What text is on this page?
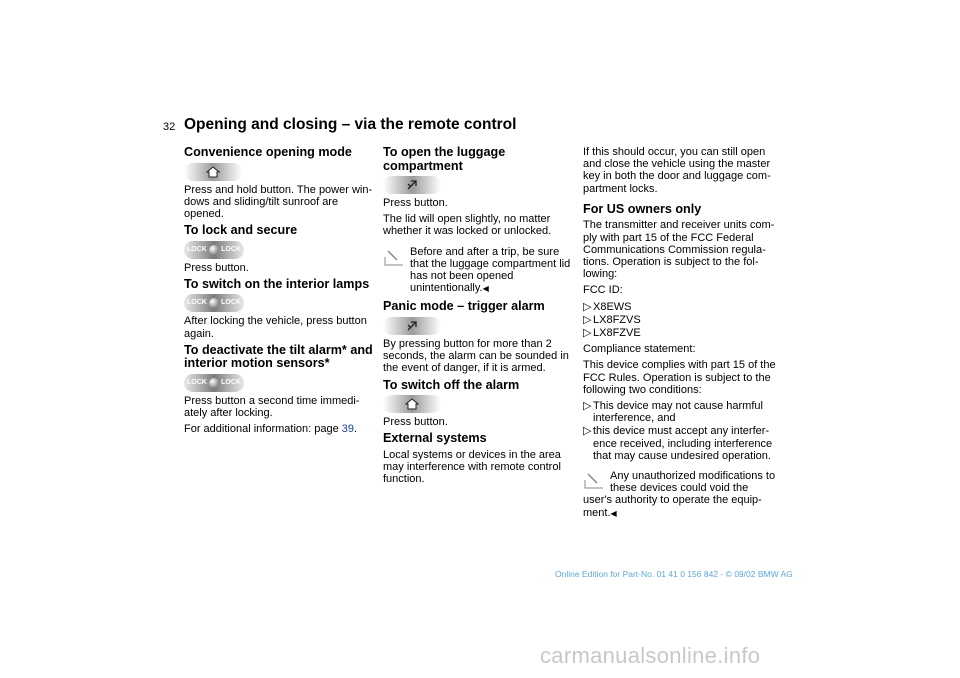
32 Opening and closing – via the remote control
Convenience opening mode

Press and hold button. The power win-dows and sliding/tilt sunroof are opened.

To lock and secure
LOCK LOCK

Press button.

To switch on the interior lamps
LOCK LOCK

After locking the vehicle, press button again.

To deactivate the tilt alarm* and interior motion sensors*
LOCK LOCK

Press button a second time immedi-ately after locking.

For additional information: page 39.

To open the luggage compartment

Press button.

The lid will open slightly, no matter whether it was locked or unlocked.

Before and after a trip, be sure that the luggage compartment lid has not been opened unintentionally.◀
Panic mode – trigger alarm

By pressing button for more than 2 seconds, the alarm can be sounded in the event of danger, if it is armed.

To switch off the alarm

Press button.

External systems

Local systems or devices in the area may interference with remote control function.

If this should occur, you can still open and close the vehicle using the master key in both the door and luggage com-partment locks.

For US owners only

The transmitter and receiver units com-ply with part 15 of the FCC Federal Communications Commission regula-tions. Operation is subject to the fol-lowing:

FCC ID:

▷ X8EWS
▷ LX8FZVS
▷ LX8FZVE

Compliance statement:

This device complies with part 15 of the FCC Rules. Operation is subject to the following two conditions:

▷ This device may not cause harmful interference, and
▷ this device must accept any interfer-ence received, including interference that may cause undesired operation.
Any unauthorized modifications to these devices could void the user's authority to operate the equip-ment.◀
Online Edition for Part-No. 01 41 0 156 842 - © 09/02 BMW AG
carmanualsonline.info
